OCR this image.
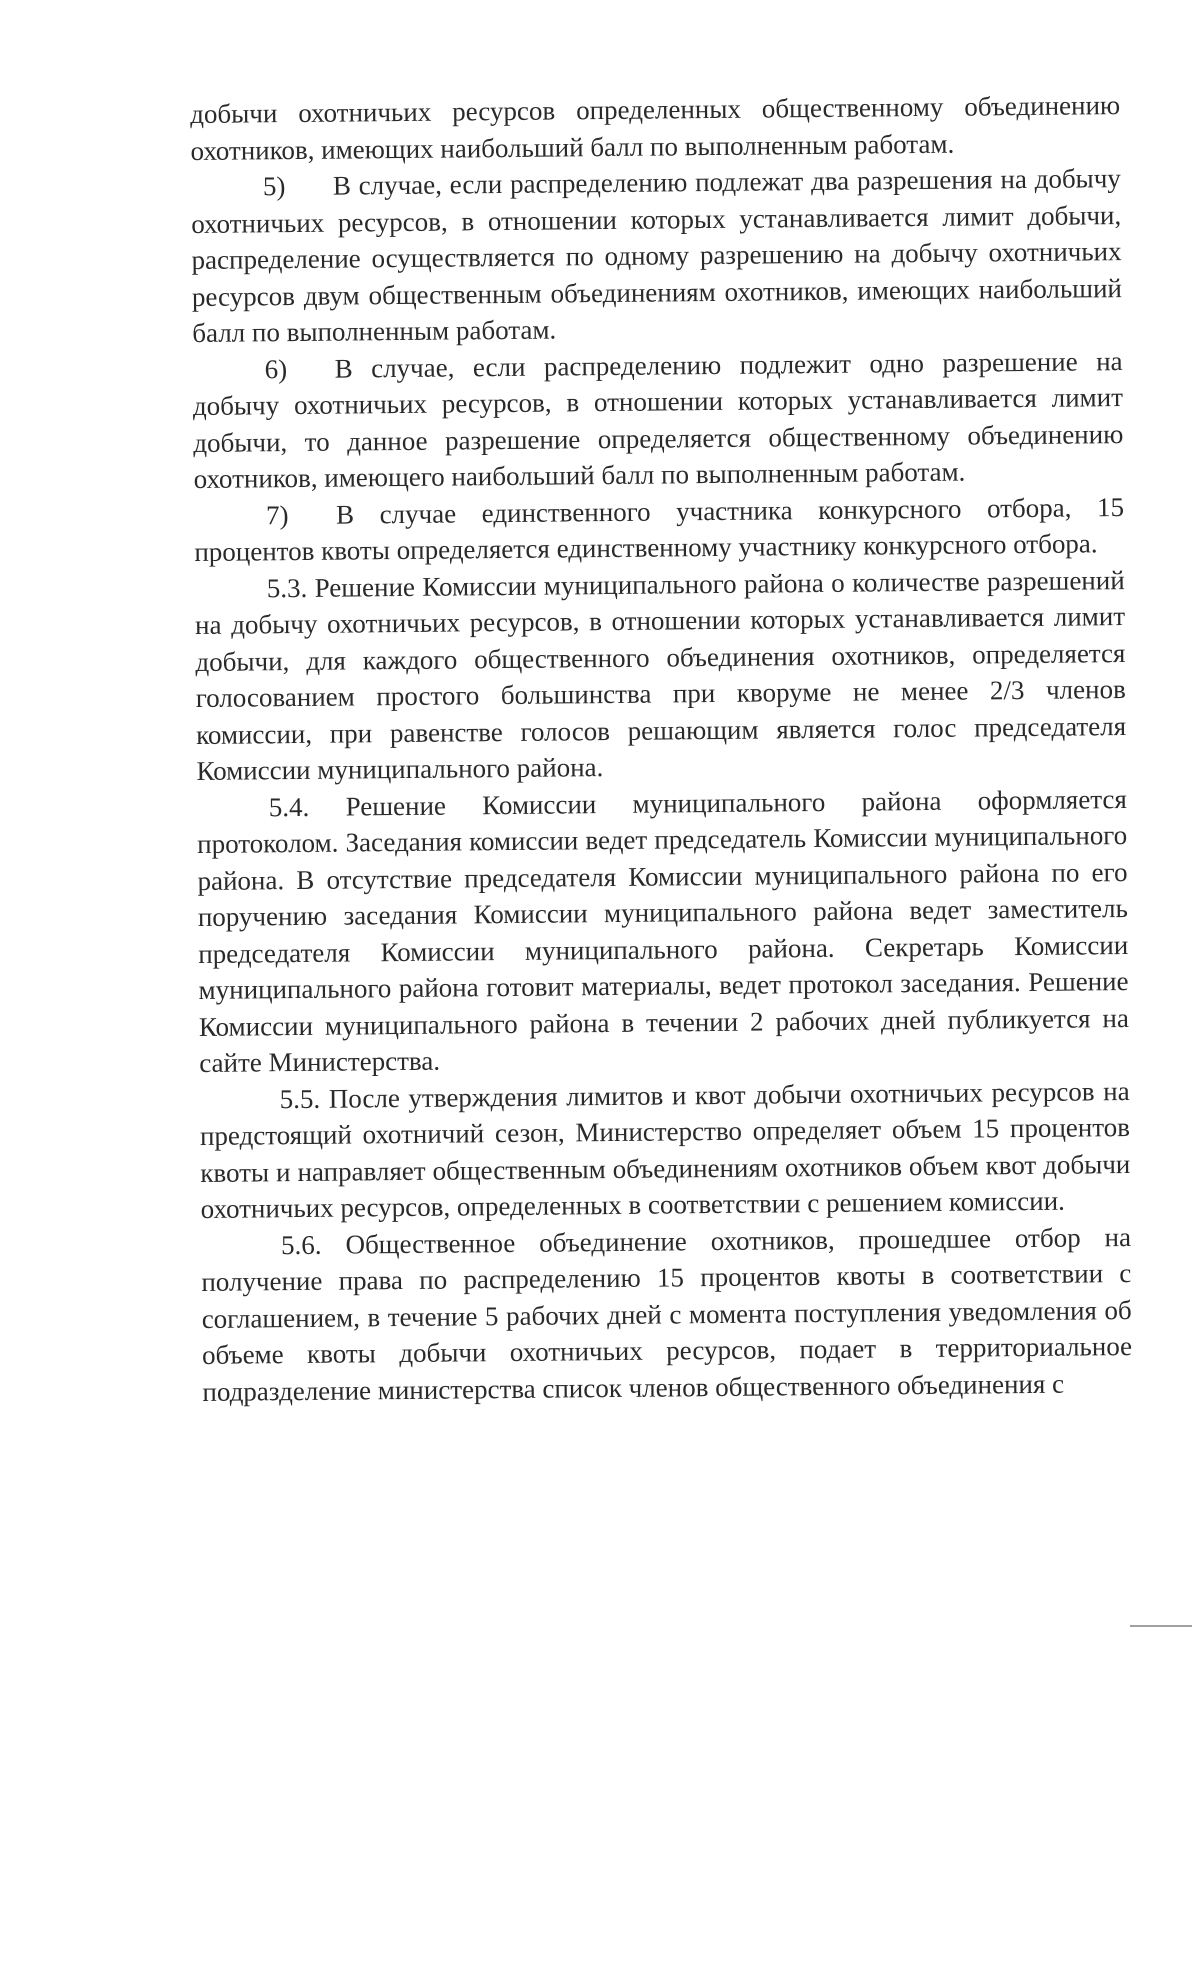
добычи охотничьих ресурсов определенных общественному объединению охотников, имеющих наибольший балл по выполненным работам.

5) В случае, если распределению подлежат два разрешения на добычу охотничьих ресурсов, в отношении которых устанавливается лимит добычи, распределение осуществляется по одному разрешению на добычу охотничьих ресурсов двум общественным объединениям охотников, имеющих наибольший балл по выполненным работам.

6) В случае, если распределению подлежит одно разрешение на добычу охотничьих ресурсов, в отношении которых устанавливается лимит добычи, то данное разрешение определяется общественному объединению охотников, имеющего наибольший балл по выполненным работам.

7) В случае единственного участника конкурсного отбора, 15 процентов квоты определяется единственному участнику конкурсного отбора.

5.3. Решение Комиссии муниципального района о количестве разрешений на добычу охотничьих ресурсов, в отношении которых устанавливается лимит добычи, для каждого общественного объединения охотников, определяется голосованием простого большинства при кворуме не менее 2/3 членов комиссии, при равенстве голосов решающим является голос председателя Комиссии муниципального района.

5.4. Решение Комиссии муниципального района оформляется протоколом. Заседания комиссии ведет председатель Комиссии муниципального района. В отсутствие председателя Комиссии муниципального района по его поручению заседания Комиссии муниципального района ведет заместитель председателя Комиссии муниципального района. Секретарь Комиссии муниципального района готовит материалы, ведет протокол заседания. Решение Комиссии муниципального района в течении 2 рабочих дней публикуется на сайте Министерства.

5.5. После утверждения лимитов и квот добычи охотничьих ресурсов на предстоящий охотничий сезон, Министерство определяет объем 15 процентов квоты и направляет общественным объединениям охотников объем квот добычи охотничьих ресурсов, определенных в соответствии с решением комиссии.

5.6. Общественное объединение охотников, прошедшее отбор на получение права по распределению 15 процентов квоты в соответствии с соглашением, в течение 5 рабочих дней с момента поступления уведомления об объеме квоты добычи охотничьих ресурсов, подает в территориальное подразделение министерства список членов общественного объединения с
